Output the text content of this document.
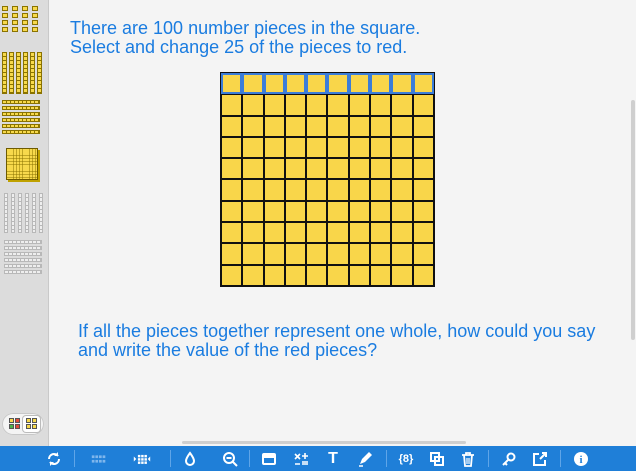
There are 100 number pieces in the square.
Select and change 25 of the pieces to red.

If all the pieces together represent one whole, how could you say
and write the value of the red pieces?

T	{8}	i
